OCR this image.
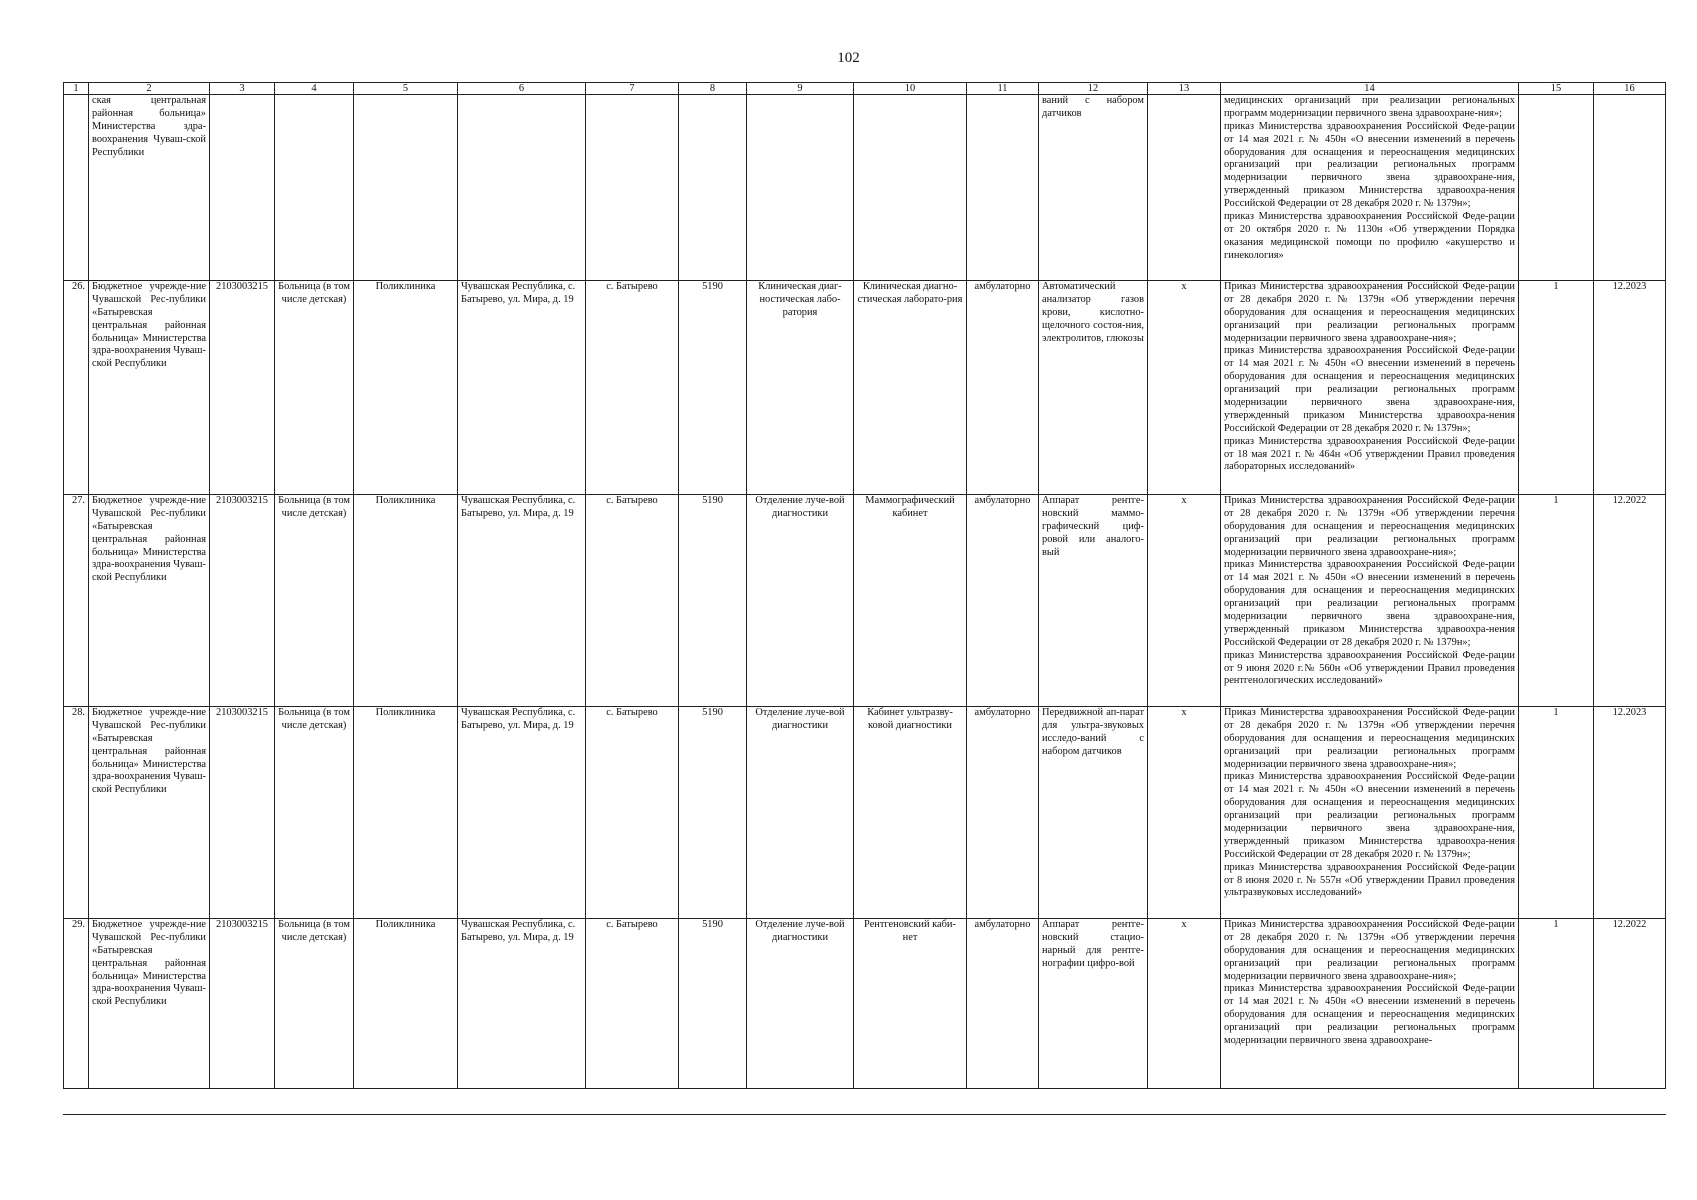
102
1	2	3	4	5	6	7	8	9	10	11	12	13	14	15	16
	ская центральная районная больница» Министерства здра-воохранения Чуваш-ской Республики										ваний с набором датчиков		медицинских организаций при реализации региональных программ модернизации первичного звена здравоохране-ния»;
приказ Министерства здравоохранения Российской Феде-рации от 14 мая 2021 г. № 450н «О внесении изменений в перечень оборудования для оснащения и переоснащения медицинских организаций при реализации региональных программ модернизации первичного звена здравоохране-ния, утвержденный приказом Министерства здравоохра-нения Российской Федерации от 28 декабря 2020 г. № 1379н»;
приказ Министерства здравоохранения Российской Феде-рации от 20 октября 2020 г. № 1130н «Об утверждении Порядка оказания медицинской помощи по профилю «акушерство и гинекология»		
26.	Бюджетное учрежде-ние Чувашской Рес-публики «Батыревская центральная районная больница» Министерства здра-воохранения Чуваш-ской Республики	2103003215	Больница (в том числе детская)	Поликлиника	Чувашская Республика, с. Батырево, ул. Мира, д. 19	с. Батырево	5190	Клиническая диаг-ностическая лабо-ратория	Клиническая диагно-стическая лаборато-рия	амбулаторно	Автоматический анализатор газов крови, кислотно-щелочного состоя-ния, электролитов, глюкозы	х	Приказ Министерства здравоохранения Российской Феде-рации от 28 декабря 2020 г. № 1379н «Об утверждении перечня оборудования для оснащения и переоснащения медицинских организаций при реализации региональных программ модернизации первичного звена здравоохране-ния»;
приказ Министерства здравоохранения Российской Феде-рации от 14 мая 2021 г. № 450н «О внесении изменений в перечень оборудования для оснащения и переоснащения медицинских организаций при реализации региональных программ модернизации первичного звена здравоохране-ния, утвержденный приказом Министерства здравоохра-нения Российской Федерации от 28 декабря 2020 г. № 1379н»;
приказ Министерства здравоохранения Российской Феде-рации от 18 мая 2021 г. № 464н «Об утверждении Правил проведения лабораторных исследований»	1	12.2023
27.	Бюджетное учрежде-ние Чувашской Рес-публики «Батыревская центральная районная больница» Министерства здра-воохранения Чуваш-ской Республики	2103003215	Больница (в том числе детская)	Поликлиника	Чувашская Республика, с. Батырево, ул. Мира, д. 19	с. Батырево	5190	Отделение луче-вой диагностики	Маммографический кабинет	амбулаторно	Аппарат рентге-новский маммо-графический циф-ровой или аналого-вый	х	Приказ Министерства здравоохранения Российской Феде-рации от 28 декабря 2020 г. № 1379н «Об утверждении перечня оборудования для оснащения и переоснащения медицинских организаций при реализации региональных программ модернизации первичного звена здравоохране-ния»;
приказ Министерства здравоохранения Российской Феде-рации от 14 мая 2021 г. № 450н «О внесении изменений в перечень оборудования для оснащения и переоснащения медицинских организаций при реализации региональных программ модернизации первичного звена здравоохране-ния, утвержденный приказом Министерства здравоохра-нения Российской Федерации от 28 декабря 2020 г. № 1379н»;
приказ Министерства здравоохранения Российской Феде-рации от 9 июня 2020 г.№ 560н «Об утверждении Правил проведения рентгенологических исследований»	1	12.2022
28.	Бюджетное учрежде-ние Чувашской Рес-публики «Батыревская центральная районная больница» Министерства здра-воохранения Чуваш-ской Республики	2103003215	Больница (в том числе детская)	Поликлиника	Чувашская Республика, с. Батырево, ул. Мира, д. 19	с. Батырево	5190	Отделение луче-вой диагностики	Кабинет ультразву-ковой диагностики	амбулаторно	Передвижной ап-парат для ультра-звуковых исследо-ваний с набором датчиков	х	Приказ Министерства здравоохранения Российской Феде-рации от 28 декабря 2020 г. № 1379н «Об утверждении перечня оборудования для оснащения и переоснащения медицинских организаций при реализации региональных программ модернизации первичного звена здравоохране-ния»;
приказ Министерства здравоохранения Российской Феде-рации от 14 мая 2021 г. № 450н «О внесении изменений в перечень оборудования для оснащения и переоснащения медицинских организаций при реализации региональных программ модернизации первичного звена здравоохране-ния, утвержденный приказом Министерства здравоохра-нения Российской Федерации от 28 декабря 2020 г. № 1379н»;
приказ Министерства здравоохранения Российской Феде-рации от 8 июня 2020 г. № 557н «Об утверждении Правил проведения ультразвуковых исследований»	1	12.2023
29.	Бюджетное учрежде-ние Чувашской Рес-публики «Батыревская центральная районная больница» Министерства здра-воохранения Чуваш-ской Республики	2103003215	Больница (в том числе детская)	Поликлиника	Чувашская Республика, с. Батырево, ул. Мира, д. 19	с. Батырево	5190	Отделение луче-вой диагностики	Рентгеновский каби-нет	амбулаторно	Аппарат рентге-новский стацио-нарный для рентге-нографии цифро-вой	х	Приказ Министерства здравоохранения Российской Феде-рации от 28 декабря 2020 г. № 1379н «Об утверждении перечня оборудования для оснащения и переоснащения медицинских организаций при реализации региональных программ модернизации первичного звена здравоохране-ния»;
приказ Министерства здравоохранения Российской Феде-рации от 14 мая 2021 г. № 450н «О внесении изменений в перечень оборудования для оснащения и переоснащения медицинских организаций при реализации региональных программ модернизации первичного звена здравоохране-	1	12.2022
